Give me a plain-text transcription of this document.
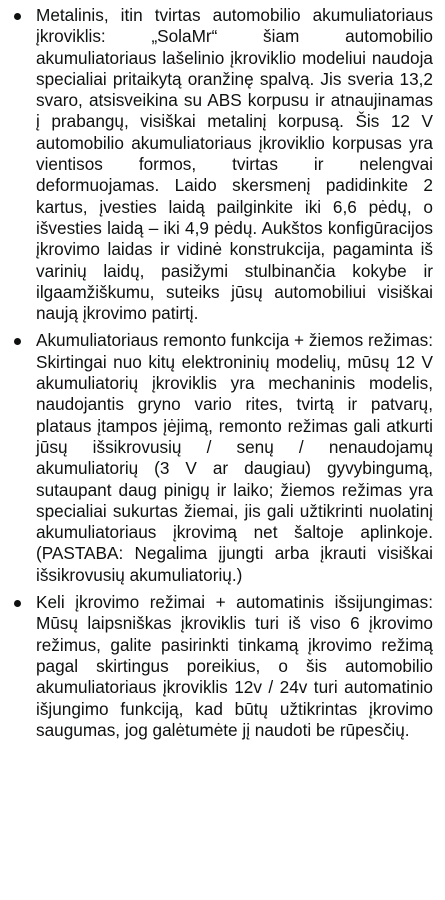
Metalinis, itin tvirtas automobilio akumuliatoriaus įkroviklis: „SolaMr“ šiam automobilio akumuliatoriaus lašelinio įkroviklio modeliui naudoja specialiai pritaikytą oranžinę spalvą. Jis sveria 13,2 svaro, atsisveikina su ABS korpusu ir atnaujinamas į prabangų, visiškai metalinį korpusą. Šis 12 V automobilio akumuliatoriaus įkroviklio korpusas yra vientisos formos, tvirtas ir nelengvai deformuojamas. Laido skersmenį padidinkite 2 kartus, įvesties laidą pailginkite iki 6,6 pėdų, o išvesties laidą – iki 4,9 pėdų. Aukštos konfigūracijos įkrovimo laidas ir vidinė konstrukcija, pagaminta iš varinių laidų, pasižymi stulbinančia kokybe ir ilgaamžiškumu, suteiks jūsų automobiliui visiškai naują įkrovimo patirtį.
Akumuliatoriaus remonto funkcija + žiemos režimas: Skirtingai nuo kitų elektroninių modelių, mūsų 12 V akumuliatorių įkroviklis yra mechaninis modelis, naudojantis gryno vario rites, tvirtą ir patvarų, plataus įtampos įėjimą, remonto režimas gali atkurti jūsų išsikrovusių / senų / nenaudojamų akumuliatorių (3 V ar daugiau) gyvybingumą, sutaupant daug pinigų ir laiko; žiemos režimas yra specialiai sukurtas žiemai, jis gali užtikrinti nuolatinį akumuliatoriaus įkrovimą net šaltoje aplinkoje. (PASTABA: Negalima įjungti arba įkrauti visiškai išsikrovusių akumuliatorių.)
Keli įkrovimo režimai + automatinis išsijungimas: Mūsų laipsniškas įkroviklis turi iš viso 6 įkrovimo režimus, galite pasirinkti tinkamą įkrovimo režimą pagal skirtingus poreikius, o šis automobilio akumuliatoriaus įkroviklis 12v / 24v turi automatinio išjungimo funkciją, kad būtų užtikrintas įkrovimo saugumas, jog galėtumėte jį naudoti be rūpesčių.
